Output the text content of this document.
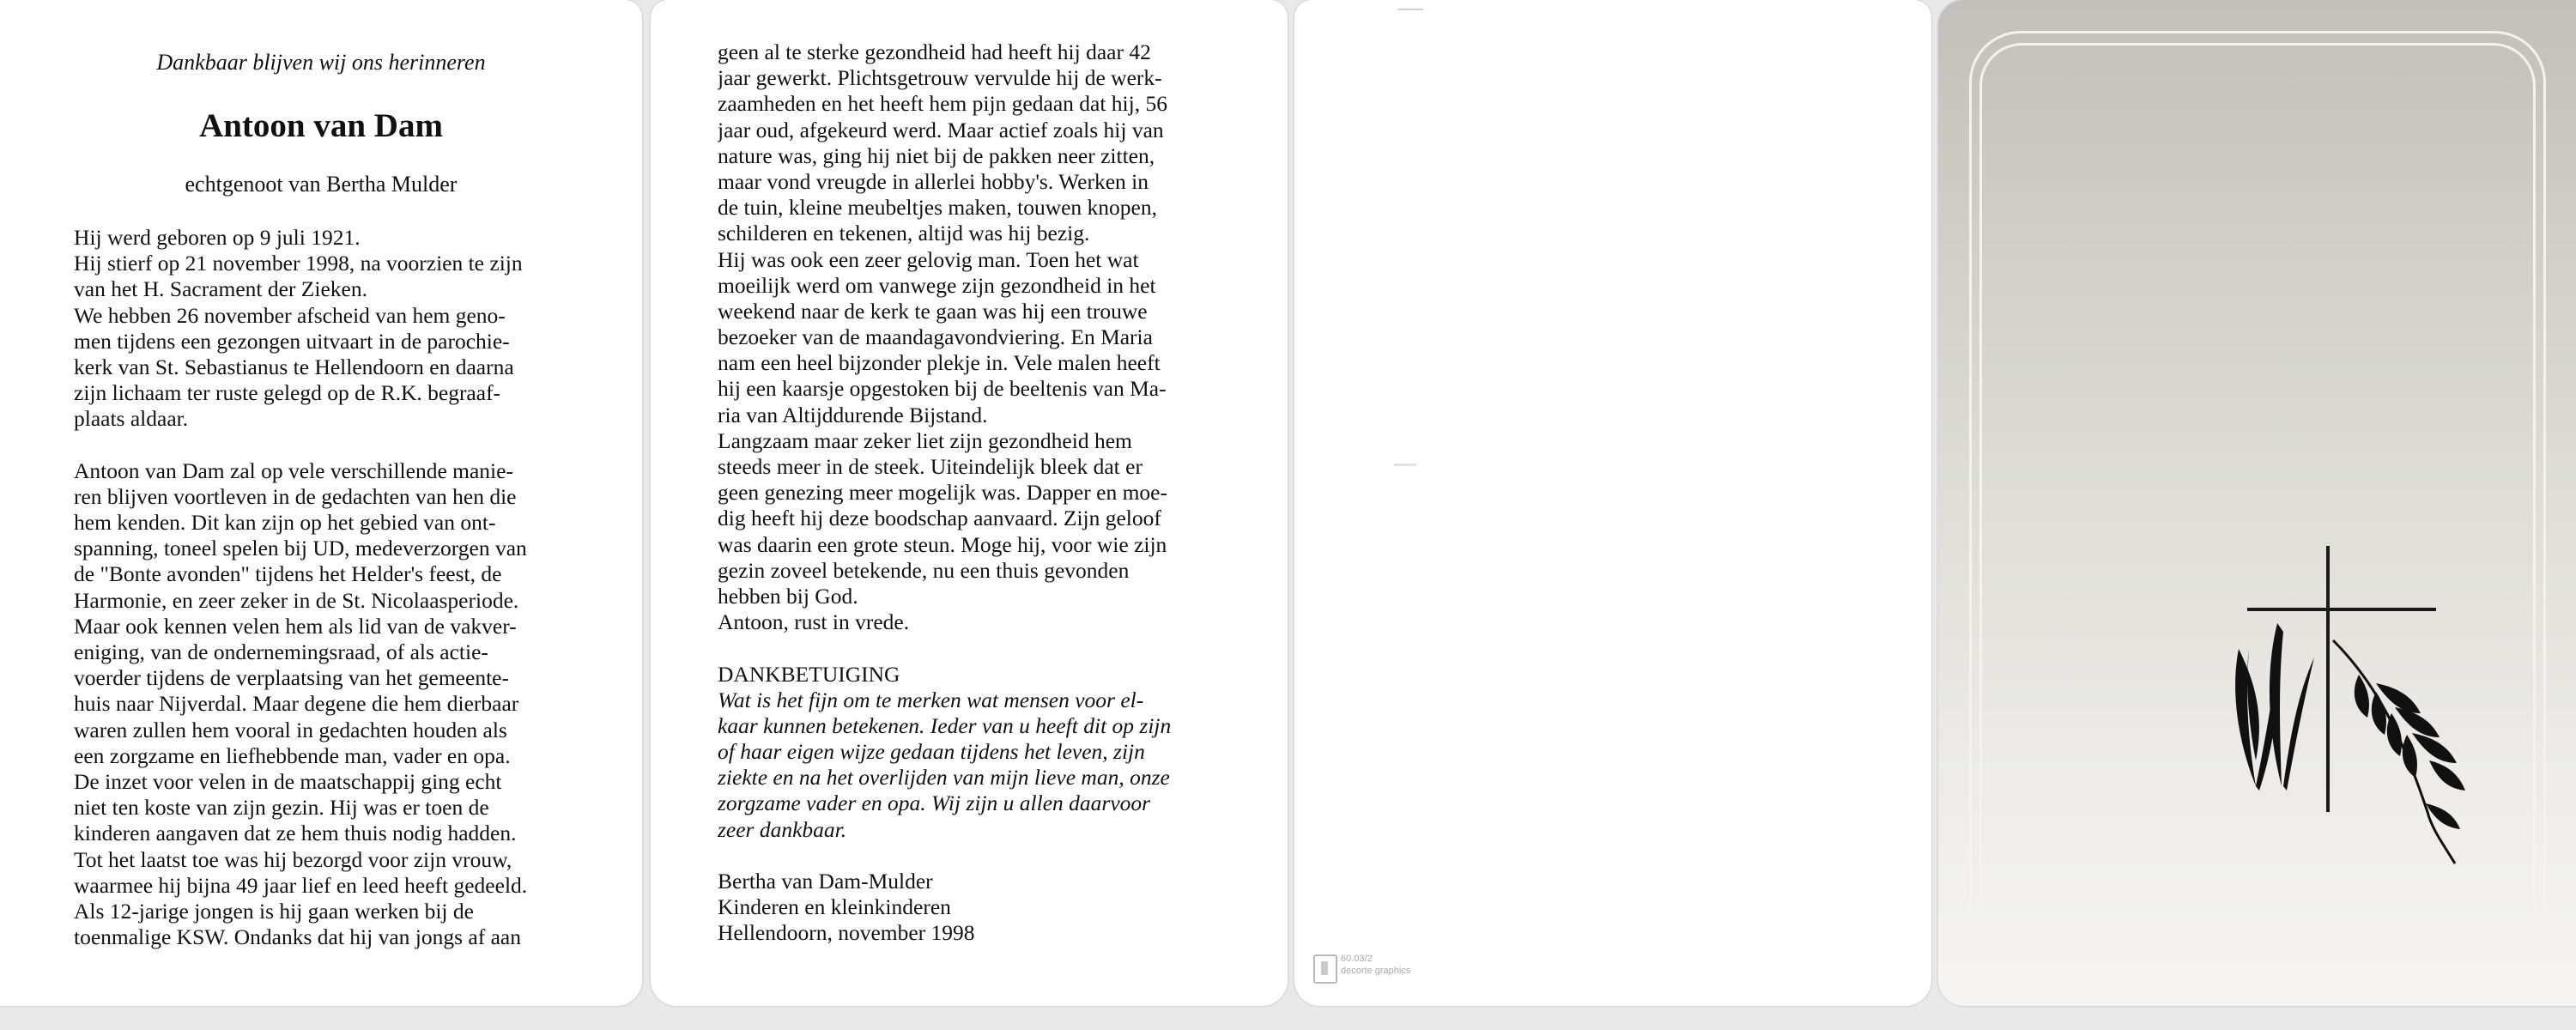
Dankbaar blijven wij ons herinneren
Antoon van Dam
echtgenoot van Bertha Mulder
Hij werd geboren op 9 juli 1921.
Hij stierf op 21 november 1998, na voorzien te zijn
van het H. Sacrament der Zieken.
We hebben 26 november afscheid van hem geno-
men tijdens een gezongen uitvaart in de parochie-
kerk van St. Sebastianus te Hellendoorn en daarna
zijn lichaam ter ruste gelegd op de R.K. begraaf-
plaats aldaar.
Antoon van Dam zal op vele verschillende manie-
ren blijven voortleven in de gedachten van hen die
hem kenden. Dit kan zijn op het gebied van ont-
spanning, toneel spelen bij UD, medeverzorgen van
de "Bonte avonden" tijdens het Helder's feest, de
Harmonie, en zeer zeker in de St. Nicolaasperiode.
Maar ook kennen velen hem als lid van de vakver-
eniging, van de ondernemingsraad, of als actie-
voerder tijdens de verplaatsing van het gemeente-
huis naar Nijverdal. Maar degene die hem dierbaar
waren zullen hem vooral in gedachten houden als
een zorgzame en liefhebbende man, vader en opa.
De inzet voor velen in de maatschappij ging echt
niet ten koste van zijn gezin. Hij was er toen de
kinderen aangaven dat ze hem thuis nodig hadden.
Tot het laatst toe was hij bezorgd voor zijn vrouw,
waarmee hij bijna 49 jaar lief en leed heeft gedeeld.
Als 12-jarige jongen is hij gaan werken bij de
toenmalige KSW. Ondanks dat hij van jongs af aan
geen al te sterke gezondheid had heeft hij daar 42
jaar gewerkt. Plichtsgetrouw vervulde hij de werk-
zaamheden en het heeft hem pijn gedaan dat hij, 56
jaar oud, afgekeurd werd. Maar actief zoals hij van
nature was, ging hij niet bij de pakken neer zitten,
maar vond vreugde in allerlei hobby's. Werken in
de tuin, kleine meubeltjes maken, touwen knopen,
schilderen en tekenen, altijd was hij bezig.
Hij was ook een zeer gelovig man. Toen het wat
moeilijk werd om vanwege zijn gezondheid in het
weekend naar de kerk te gaan was hij een trouwe
bezoeker van de maandagavondviering. En Maria
nam een heel bijzonder plekje in. Vele malen heeft
hij een kaarsje opgestoken bij de beeltenis van Ma-
ria van Altijddurende Bijstand.
Langzaam maar zeker liet zijn gezondheid hem
steeds meer in de steek. Uiteindelijk bleek dat er
geen genezing meer mogelijk was. Dapper en moe-
dig heeft hij deze boodschap aanvaard. Zijn geloof
was daarin een grote steun. Moge hij, voor wie zijn
gezin zoveel betekende, nu een thuis gevonden
hebben bij God.
Antoon, rust in vrede.
DANKBETUIGING
Wat is het fijn om te merken wat mensen voor el-
kaar kunnen betekenen. Ieder van u heeft dit op zijn
of haar eigen wijze gedaan tijdens het leven, zijn
ziekte en na het overlijden van mijn lieve man, onze
zorgzame vader en opa. Wij zijn u allen daarvoor
zeer dankbaar.
Bertha van Dam-Mulder
Kinderen en kleinkinderen
Hellendoorn, november 1998
60.03/2
decorte graphics
